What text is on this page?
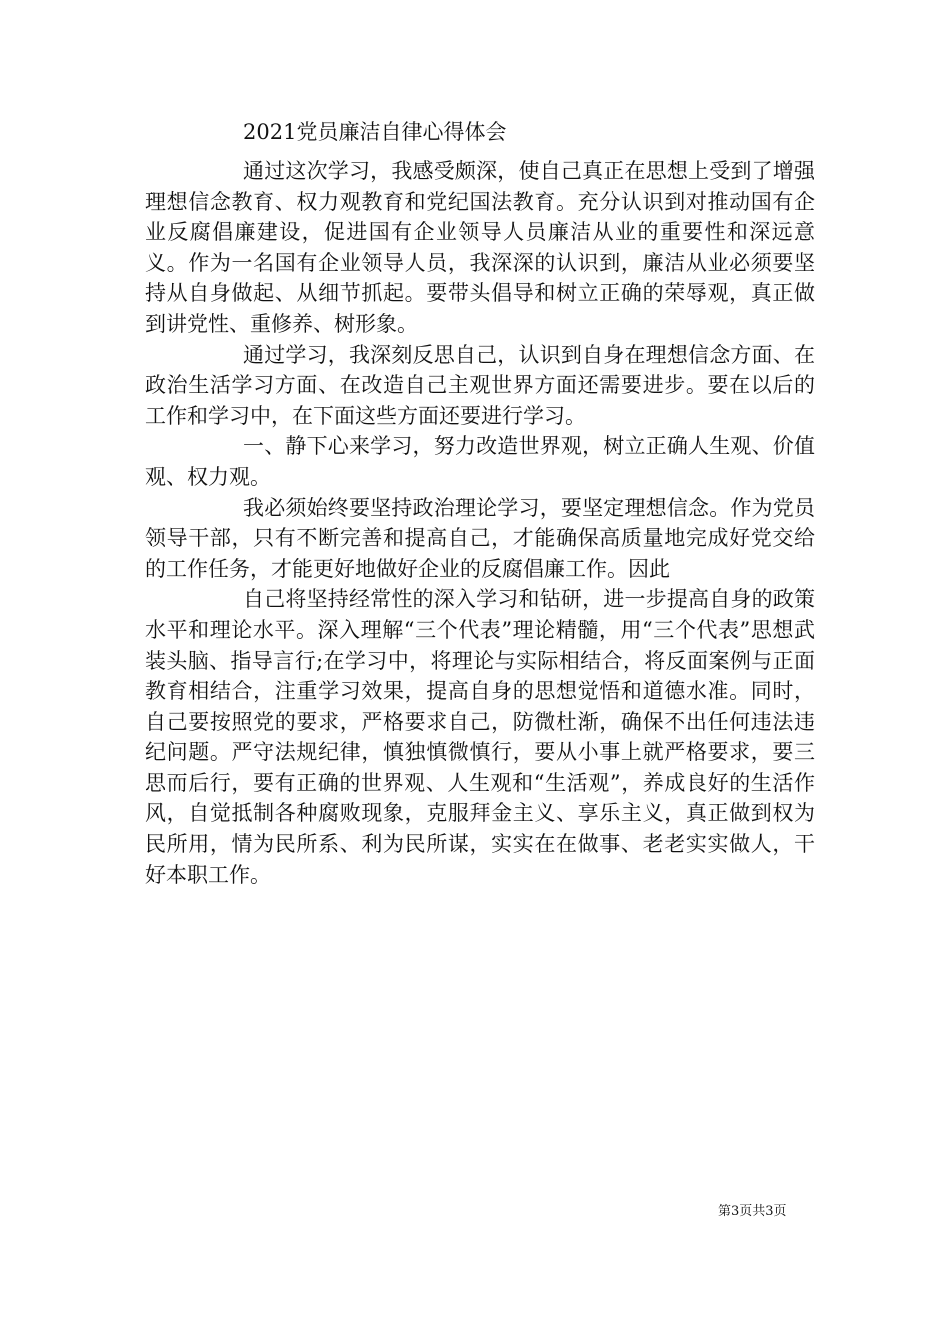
2021党员廉洁自律心得体会

通过这次学习，我感受颇深，使自己真正在思想上受到了增强理想信念教育、权力观教育和党纪国法教育。充分认识到对推动国有企业反腐倡廉建设，促进国有企业领导人员廉洁从业的重要性和深远意义。作为一名国有企业领导人员，我深深的认识到，廉洁从业必须要坚持从自身做起、从细节抓起。要带头倡导和树立正确的荣辱观，真正做到讲党性、重修养、树形象。

通过学习，我深刻反思自己，认识到自身在理想信念方面、在政治生活学习方面、在改造自己主观世界方面还需要进步。要在以后的工作和学习中，在下面这些方面还要进行学习。

一、静下心来学习，努力改造世界观，树立正确人生观、价值观、权力观。

我必须始终要坚持政治理论学习，要坚定理想信念。作为党员领导干部，只有不断完善和提高自己，才能确保高质量地完成好党交给的工作任务，才能更好地做好企业的反腐倡廉工作。因此

自己将坚持经常性的深入学习和钻研，进一步提高自身的政策水平和理论水平。深入理解“三个代表”理论精髓，用“三个代表”思想武装头脑、指导言行;在学习中，将理论与实际相结合，将反面案例与正面教育相结合，注重学习效果，提高自身的思想觉悟和道德水准。同时，自己要按照党的要求，严格要求自己，防微杜渐，确保不出任何违法违纪问题。严守法规纪律，慎独慎微慎行，要从小事上就严格要求，要三思而后行，要有正确的世界观、人生观和“生活观”，养成良好的生活作风，自觉抵制各种腐败现象，克服拜金主义、享乐主义，真正做到权为民所用，情为民所系、利为民所谋，实实在在做事、老老实实做人，干好本职工作。

第3页共3页
